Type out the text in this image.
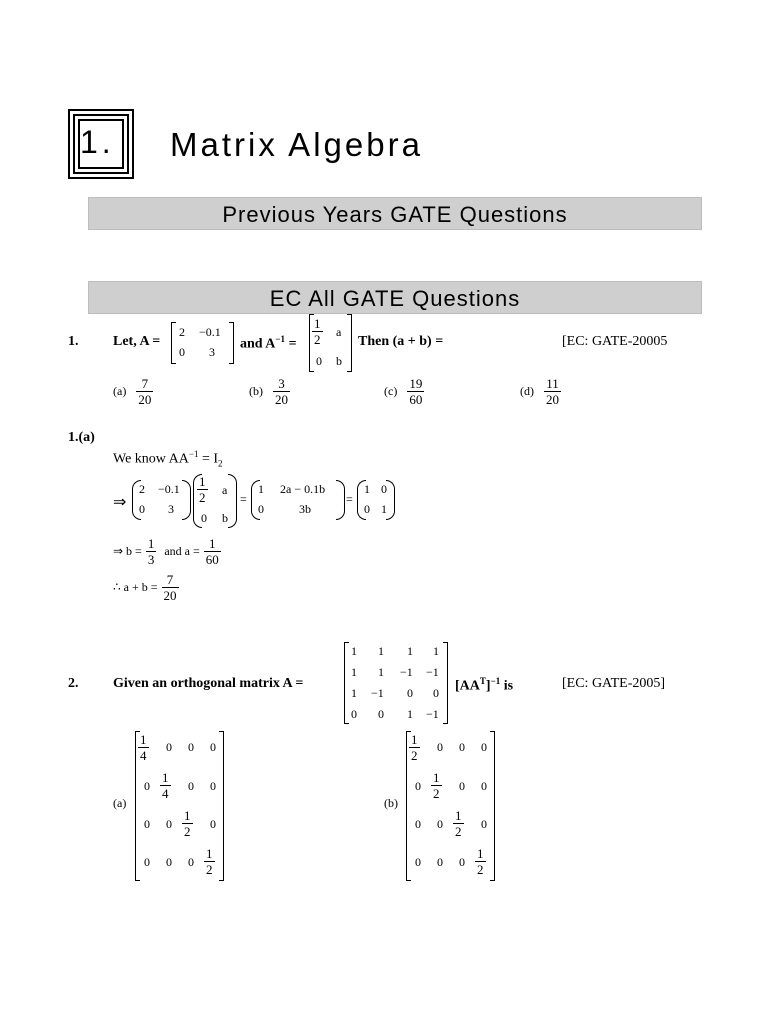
1. Matrix Algebra
Previous Years GATE Questions
EC All GATE Questions
1. Let, A =
2 −0.1
0 3
and $A^{-1} = \frac{1}{2}$ a
0 b
Then (a + b) =	[EC: GATE-20005
$(a) \frac{7}{20}$	$(b) \frac{3}{20}$	$(c) \frac{19}{60}$	$(d) \frac{11}{20}$
1.(a)
We know $AA^{-1} = I_2$
⇒
2 −0.1
0 3
$\frac{1}{2}$ a
0 b
=
1 2a − 0.1b
0	3b
=
1 0
0 1
⇒ $b = \frac{1}{3}$ and $a = \frac{1}{60}$
∴ $a + b = \frac{7}{20}$
2. Given an orthogonal matrix A =
1 1 1 1
1 1 −1 −1
1 −1 0 0
0 0 1 −1
$[AA^T]^{-1}$ is	[EC: GATE-2005]
(a)
$\frac{1}{4} 0$ 0 0
$0 \frac{1}{4} 0$ 0
0 $0 \frac{1}{2} 0$
0 0 $0 \frac{1}{2}$
(b)
$\frac{1}{2} 0$ 0 0
$0 \frac{1}{2} 0$ 0
0 $0 \frac{1}{2} 0$
0 0 $0 \frac{1}{2}$
